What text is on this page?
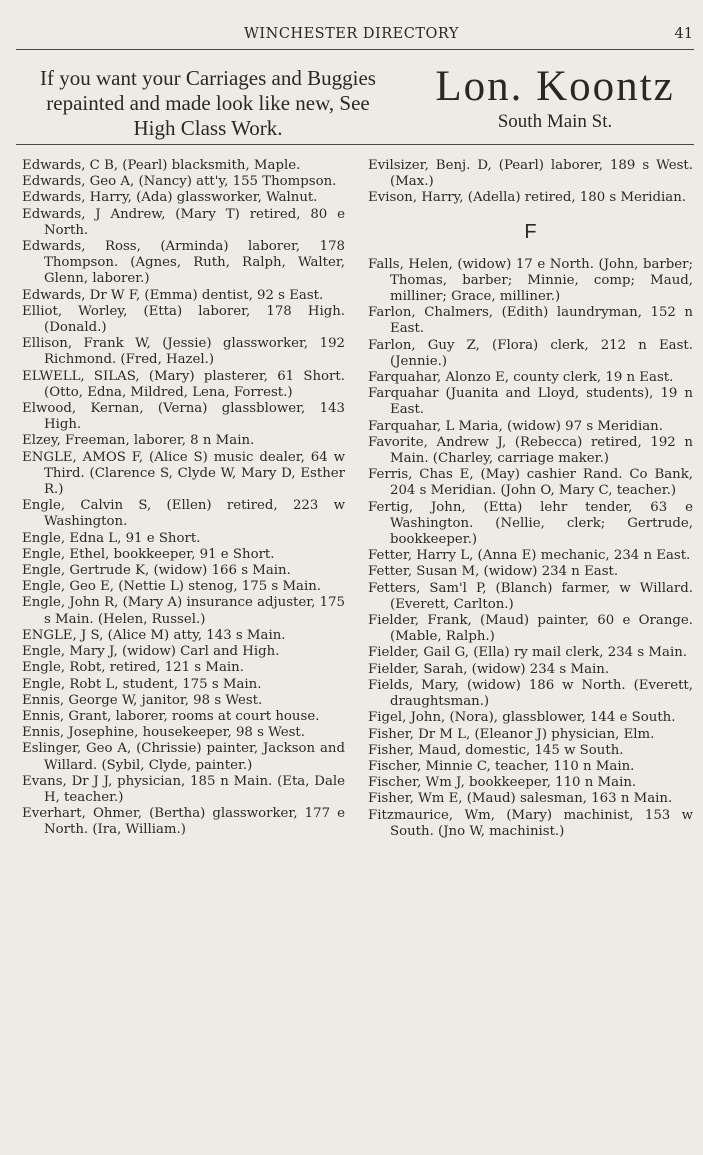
WINCHESTER DIRECTORY	41
If you want your Carriages and Buggies
repainted and made look like new, See
High Class Work.
Lon. Koontz
South Main St.
Edwards, C B, (Pearl) blacksmith, Maple.
Edwards, Geo A, (Nancy) att'y, 155 Thompson.
Edwards, Harry, (Ada) glassworker, Walnut.
Edwards, J Andrew, (Mary T) retired, 80 e North.
Edwards, Ross, (Arminda) laborer, 178 Thompson. (Agnes, Ruth, Ralph, Walter, Glenn, laborer.)
Edwards, Dr W F, (Emma) dentist, 92 s East.
Elliot, Worley, (Etta) laborer, 178 High. (Donald.)
Ellison, Frank W, (Jessie) glassworker, 192 Richmond. (Fred, Hazel.)
ELWELL, SILAS, (Mary) plasterer, 61 Short. (Otto, Edna, Mildred, Lena, Forrest.)
Elwood, Kernan, (Verna) glassblower, 143 High.
Elzey, Freeman, laborer, 8 n Main.
ENGLE, AMOS F, (Alice S) music dealer, 64 w Third. (Clarence S, Clyde W, Mary D, Esther R.)
Engle, Calvin S, (Ellen) retired, 223 w Washington.
Engle, Edna L, 91 e Short.
Engle, Ethel, bookkeeper, 91 e Short.
Engle, Gertrude K, (widow) 166 s Main.
Engle, Geo E, (Nettie L) stenog, 175 s Main.
Engle, John R, (Mary A) insurance adjuster, 175 s Main. (Helen, Russel.)
ENGLE, J S, (Alice M) atty, 143 s Main.
Engle, Mary J, (widow) Carl and High.
Engle, Robt, retired, 121 s Main.
Engle, Robt L, student, 175 s Main.
Ennis, George W, janitor, 98 s West.
Ennis, Grant, laborer, rooms at court house.
Ennis, Josephine, housekeeper, 98 s West.
Eslinger, Geo A, (Chrissie) painter, Jackson and Willard. (Sybil, Clyde, painter.)
Evans, Dr J J, physician, 185 n Main. (Eta, Dale H, teacher.)
Everhart, Ohmer, (Bertha) glassworker, 177 e North. (Ira, William.)
Evilsizer, Benj. D, (Pearl) laborer, 189 s West. (Max.)
Evison, Harry, (Adella) retired, 180 s Meridian.
F
Falls, Helen, (widow) 17 e North. (John, barber; Thomas, barber; Minnie, comp; Maud, milliner; Grace, milliner.)
Farlon, Chalmers, (Edith) laundryman, 152 n East.
Farlon, Guy Z, (Flora) clerk, 212 n East. (Jennie.)
Farquahar, Alonzo E, county clerk, 19 n East.
Farquahar (Juanita and Lloyd, students), 19 n East.
Farquahar, L Maria, (widow) 97 s Meridian.
Favorite, Andrew J, (Rebecca) retired, 192 n Main. (Charley, carriage maker.)
Ferris, Chas E, (May) cashier Rand. Co Bank, 204 s Meridian. (John O, Mary C, teacher.)
Fertig, John, (Etta) lehr tender, 63 e Washington. (Nellie, clerk; Gertrude, bookkeeper.)
Fetter, Harry L, (Anna E) mechanic, 234 n East.
Fetter, Susan M, (widow) 234 n East.
Fetters, Sam'l P, (Blanch) farmer, w Willard. (Everett, Carlton.)
Fielder, Frank, (Maud) painter, 60 e Orange. (Mable, Ralph.)
Fielder, Gail G, (Ella) ry mail clerk, 234 s Main.
Fielder, Sarah, (widow) 234 s Main.
Fields, Mary, (widow) 186 w North. (Everett, draughtsman.)
Figel, John, (Nora), glassblower, 144 e South.
Fisher, Dr M L, (Eleanor J) physician, Elm.
Fisher, Maud, domestic, 145 w South.
Fischer, Minnie C, teacher, 110 n Main.
Fischer, Wm J, bookkeeper, 110 n Main.
Fisher, Wm E, (Maud) salesman, 163 n Main.
Fitzmaurice, Wm, (Mary) machinist, 153 w South. (Jno W, machinist.)
